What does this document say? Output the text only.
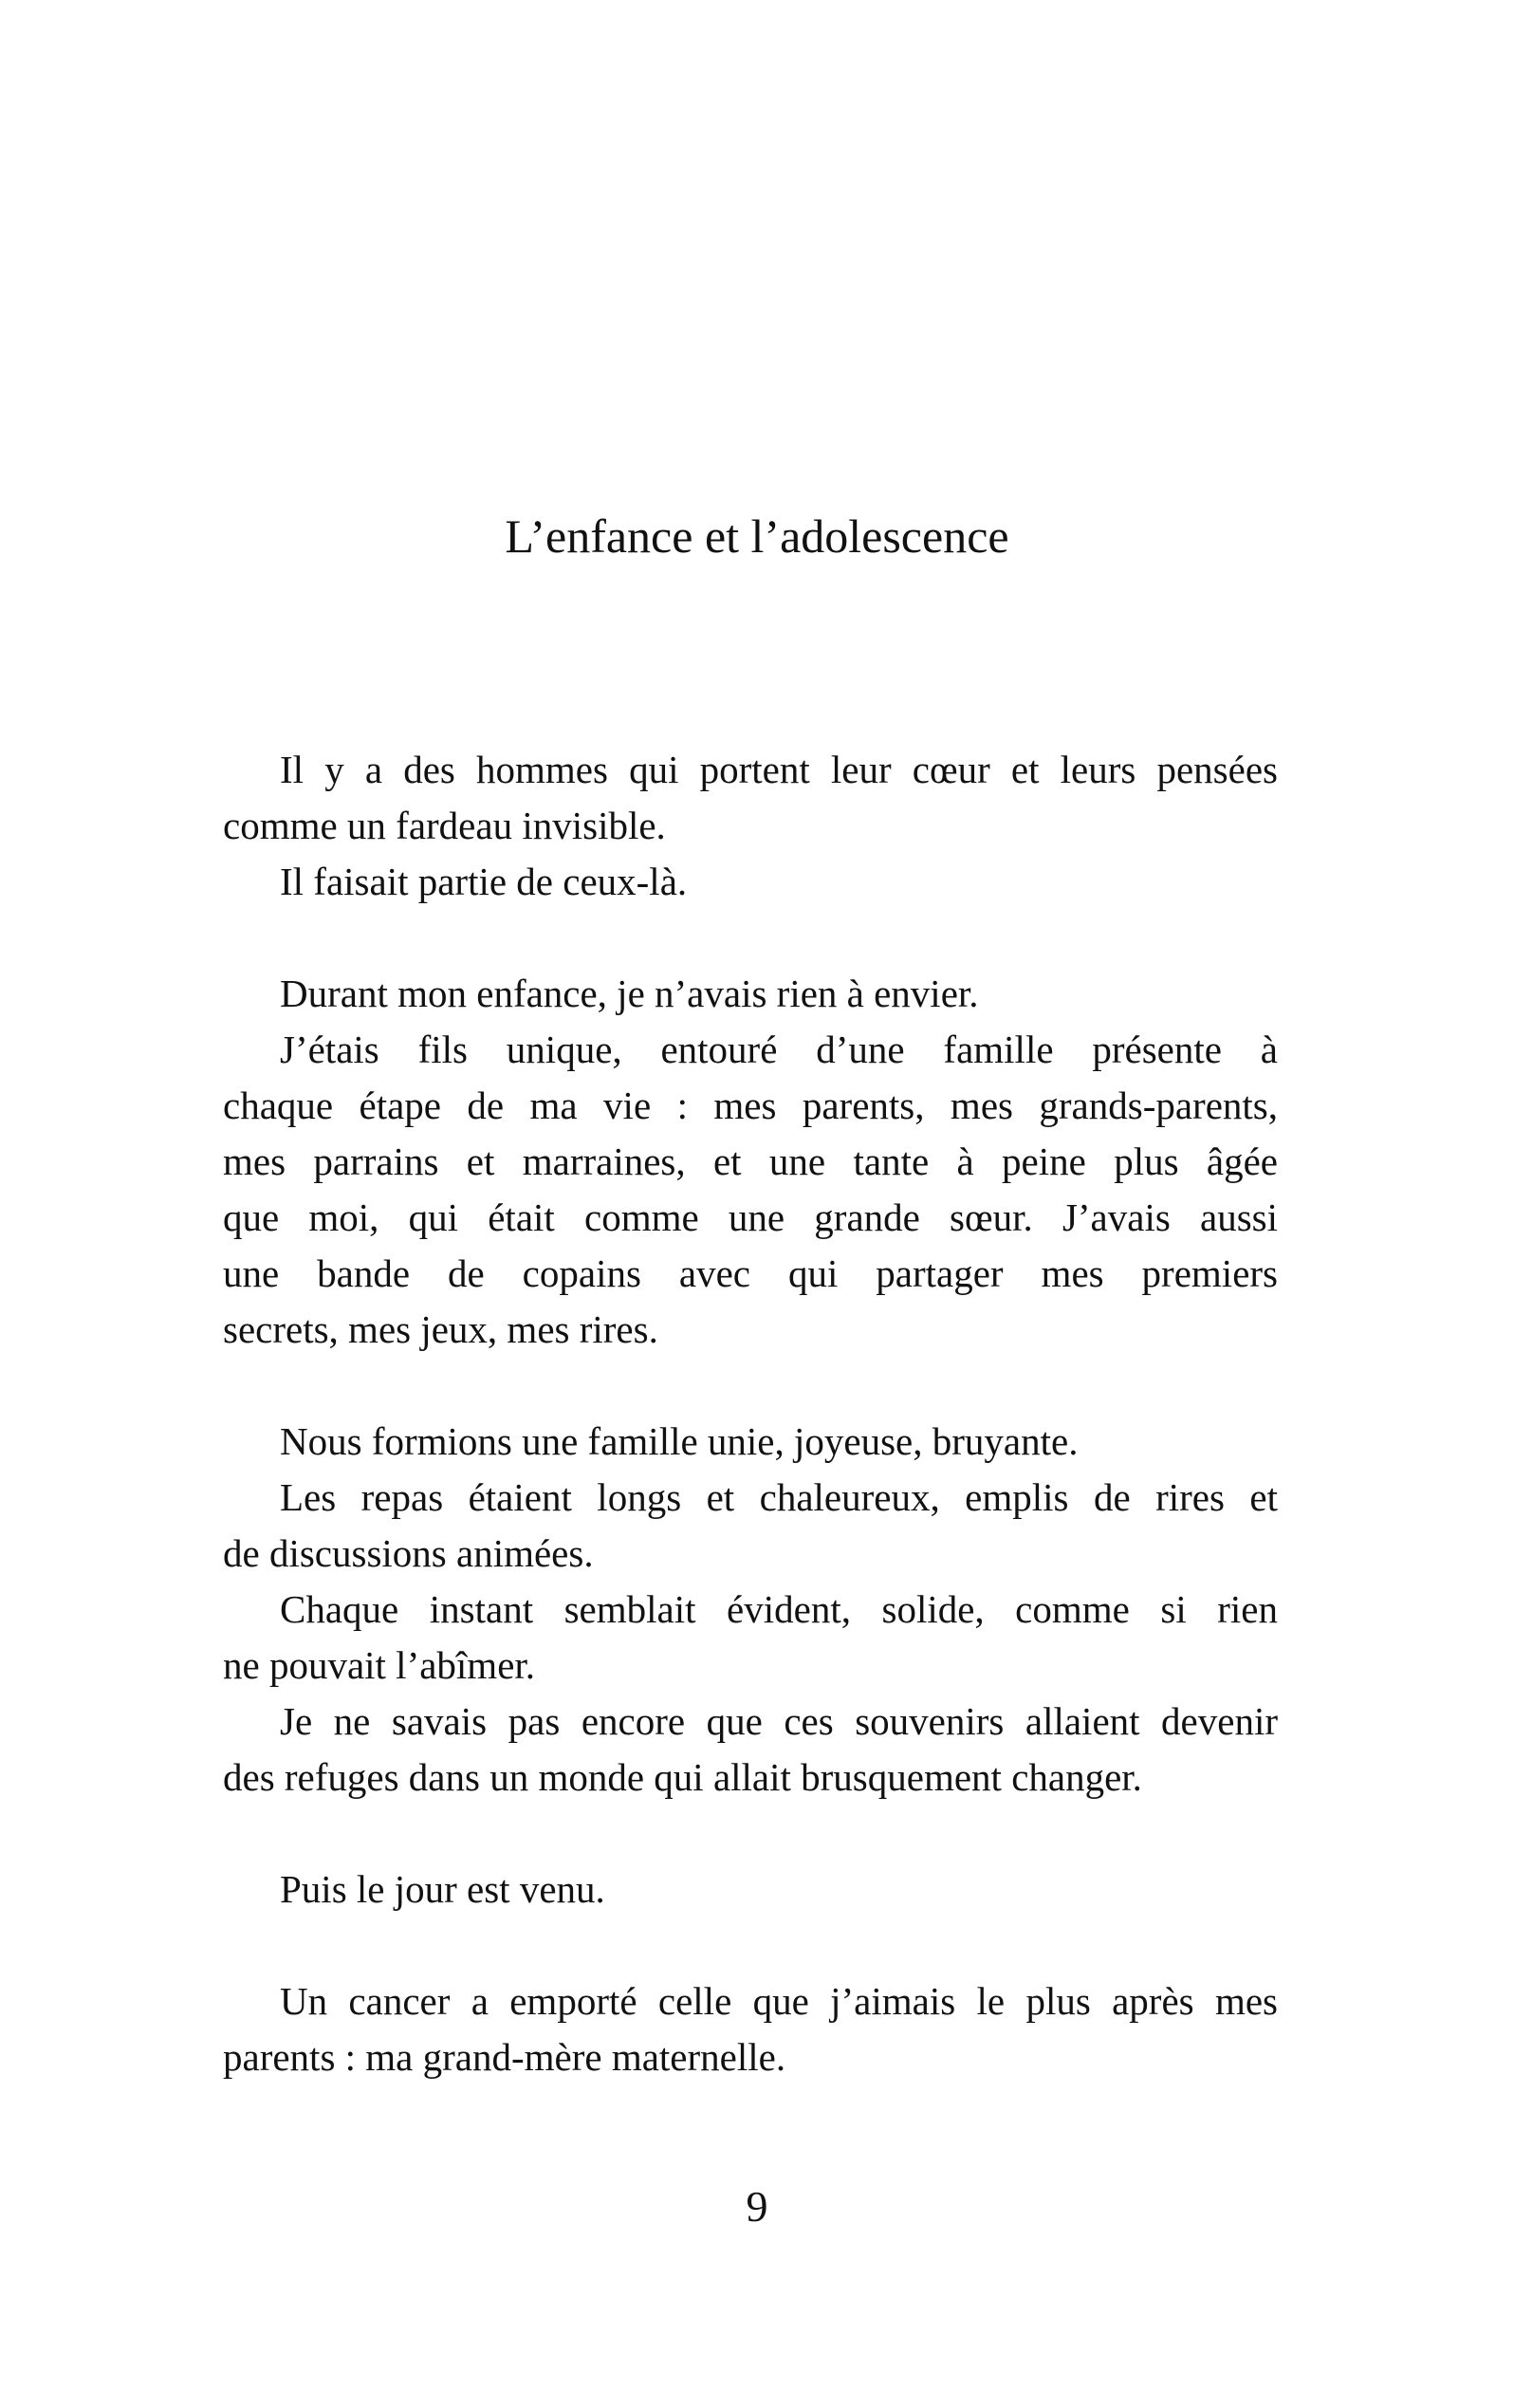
L’enfance et l’adolescence
Il y a des hommes qui portent leur cœur et leurs pensées
comme un fardeau invisible.
Il faisait partie de ceux-là.
Durant mon enfance, je n’avais rien à envier.
J’étais fils unique, entouré d’une famille présente à
chaque étape de ma vie : mes parents, mes grands-parents,
mes parrains et marraines, et une tante à peine plus âgée
que moi, qui était comme une grande sœur. J’avais aussi
une bande de copains avec qui partager mes premiers
secrets, mes jeux, mes rires.
Nous formions une famille unie, joyeuse, bruyante.
Les repas étaient longs et chaleureux, emplis de rires et
de discussions animées.
Chaque instant semblait évident, solide, comme si rien
ne pouvait l’abîmer.
Je ne savais pas encore que ces souvenirs allaient devenir
des refuges dans un monde qui allait brusquement changer.
Puis le jour est venu.
Un cancer a emporté celle que j’aimais le plus après mes
parents : ma grand-mère maternelle.
9
